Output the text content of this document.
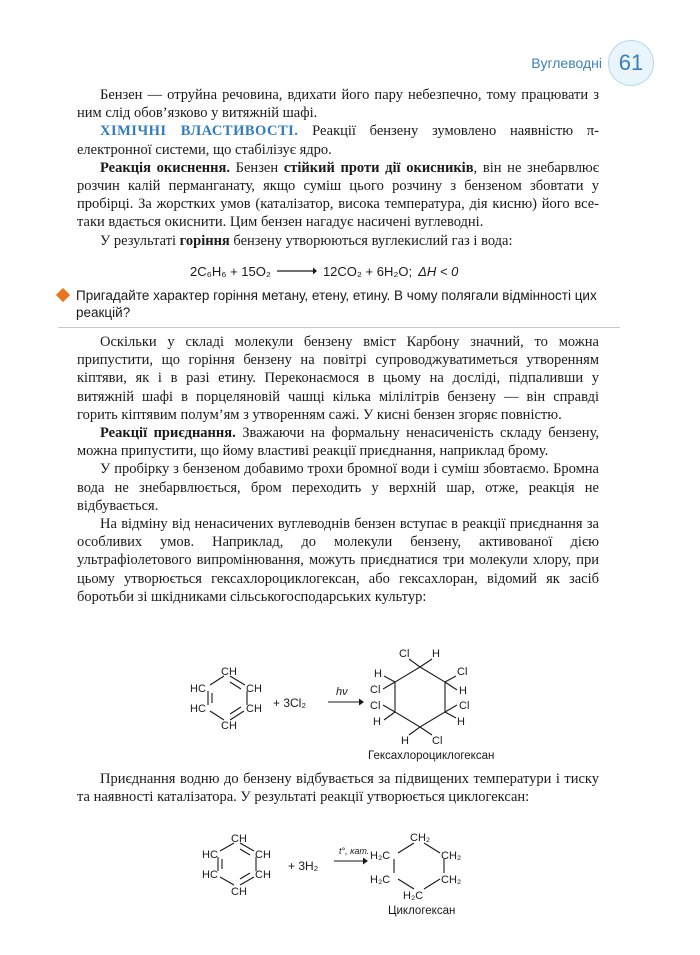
Вуглеводні 61

Бензен — отруйна речовина, вдихати його пару небезпечно, тому працювати з ним слід обов’язково у витяжній шафі.

ХІМІЧНІ ВЛАСТИВОСТІ. Реакції бензену зумовлено наявністю π-електронної системи, що стабілізує ядро.

Реакція окиснення. Бензен стійкий проти дії окисників, він не знебарвлює розчин калій перманганату, якщо суміш цього розчину з бензеном збовтати у пробірці. За жорстких умов (каталізатор, висока температура, дія кисню) його все-таки вдається окиснити. Цим бензен нагадує насичені вуглеводні.

У результаті горіння бензену утворюються вуглекислий газ і вода:

2C₆H₆ + 15O₂ → 12CO₂ + 6H₂O; ΔH < 0
Пригадайте характер горіння метану, етену, етину. В чому полягали відмінності цих реакцій?

Оскільки у складі молекули бензену вміст Карбону значний, то можна припустити, що горіння бензену на повітрі супроводжуватиметься утворенням кіптяви, як і в разі етину. Переконаємося в цьому на досліді, підпаливши у витяжній шафі в порцеляновій чашці кілька мілілітрів бензену — він справді горить кіптявим полум’ям з утворенням сажі. У кисні бензен згоряє повністю.

Реакції приєднання. Зважаючи на формальну ненасиченість складу бензену, можна припустити, що йому властиві реакції приєднання, наприклад брому.

У пробірку з бензеном добавимо трохи бромної води і суміш збовтаємо. Бромна вода не знебарвлюється, бром переходить у верхній шар, отже, реакція не відбувається.

На відміну від ненасичених вуглеводнів бензен вступає в реакції приєднання за особливих умов. Наприклад, до молекули бензену, активованої дією ультрафіолетового випромінювання, можуть приєднатися три молекули хлору, при цьому утворюється гексахлороциклогексан, або гексахлоран, відомий як засіб боротьби зі шкідниками сільськогосподарських культур:

CH
CH
CH
CH
HC
HC	+ 3Cl₂
hν
Cl H
Cl
H
Cl
H
H Cl
Cl
H
Cl
H
Гексахлороциклогексан

Приєднання водню до бензену відбувається за підвищених температури і тиску та наявності каталізатора. У результаті реакції утворюється циклогексан:

CH
CH
CH
CH
HC
HC
+ 3H₂
t°, кат.
CH₂
CH₂
CH₂
H₂C
H₂C
H₂C
Циклогексан
